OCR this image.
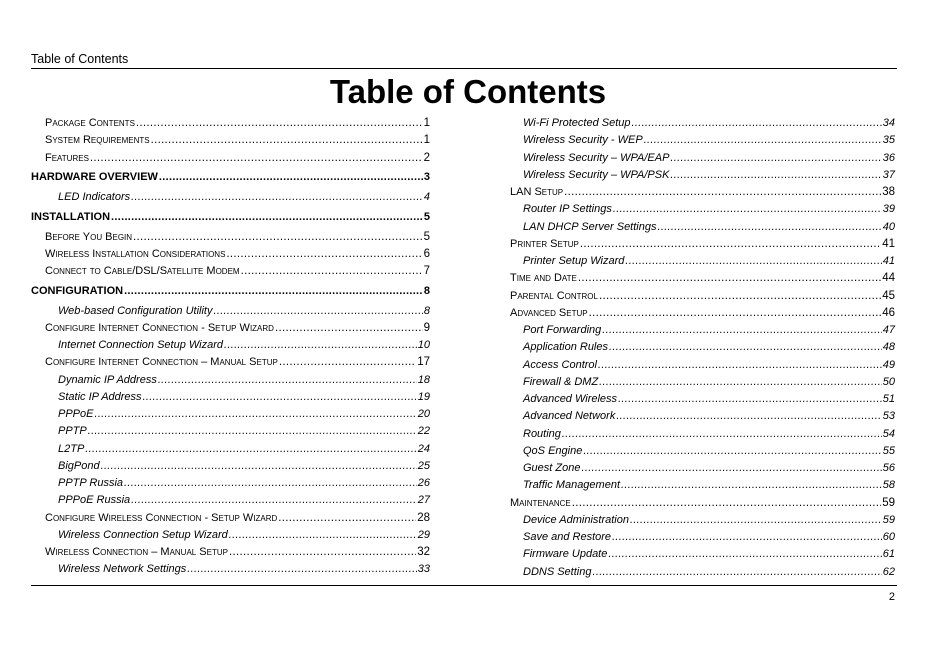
Table of Contents
Table of Contents
Package Contents .....	1
System Requirements .....	1
Features .....	2
HARDWARE OVERVIEW .....	3
LED Indicators .....	4
INSTALLATION .....	5
Before You Begin .....	5
Wireless Installation Considerations .....	6
Connect to Cable/DSL/Satellite Modem .....	7
CONFIGURATION .....	8
Web-based Configuration Utility .....	8
Configure Internet Connection - Setup Wizard .....	9
Internet Connection Setup Wizard .....	10
Configure Internet Connection – Manual Setup .....	17
Dynamic IP Address .....	18
Static IP Address .....	19
PPPoE .....	20
PPTP .....	22
L2TP .....	24
BigPond .....	25
PPTP Russia .....	26
PPPoE Russia .....	27
Configure Wireless Connection - Setup Wizard .....	28
Wireless Connection Setup Wizard .....	29
Wireless Connection – Manual Setup .....	32
Wireless Network Settings .....	33
Wi-Fi Protected Setup .....	34
Wireless Security - WEP .....	35
Wireless Security – WPA/EAP .....	36
Wireless Security – WPA/PSK .....	37
LAN Setup .....	38
Router IP Settings .....	39
LAN DHCP Server Settings .....	40
Printer Setup .....	41
Printer Setup Wizard .....	41
Time and Date .....	44
Parental Control .....	45
Advanced Setup .....	46
Port Forwarding .....	47
Application Rules .....	48
Access Control .....	49
Firewall & DMZ .....	50
Advanced Wireless .....	51
Advanced Network .....	53
Routing .....	54
QoS Engine .....	55
Guest Zone .....	56
Traffic Management .....	58
Maintenance .....	59
Device Administration .....	59
Save and Restore .....	60
Firmware Update .....	61
DDNS Setting .....	62
2
